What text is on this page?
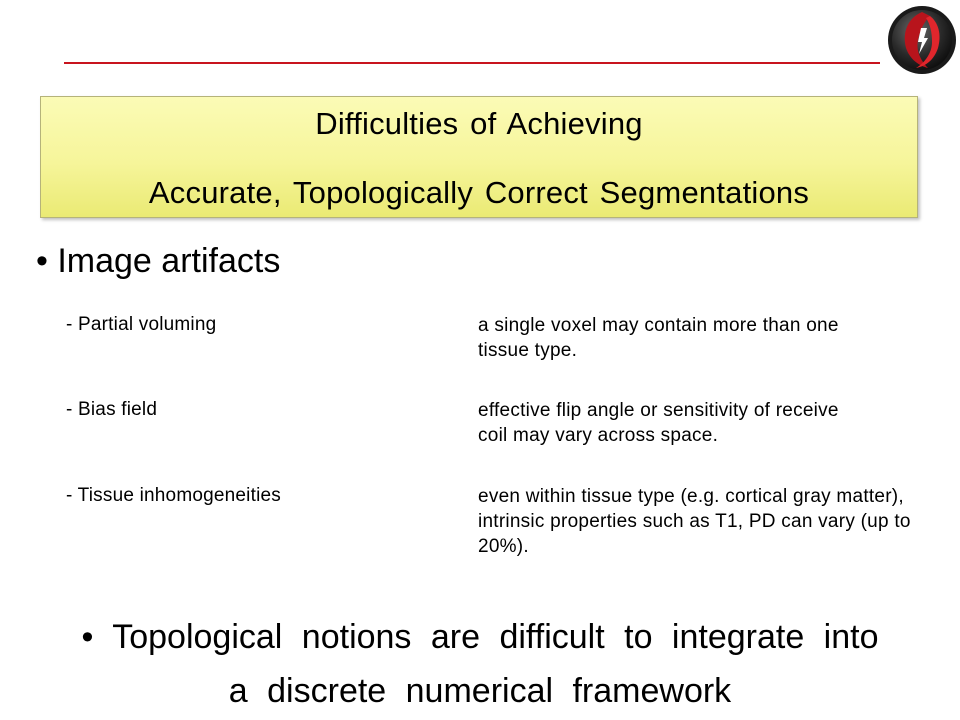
Difficulties of Achieving
Accurate, Topologically Correct Segmentations
• Image artifacts
- Partial voluming	a single voxel may contain more than one tissue type.
- Bias field	effective flip angle or sensitivity of receive coil may vary across space.
- Tissue inhomogeneities	even within tissue type (e.g. cortical gray matter), intrinsic properties such as T1, PD can vary (up to 20%).
• Topological notions are difficult to integrate into
a discrete numerical framework
